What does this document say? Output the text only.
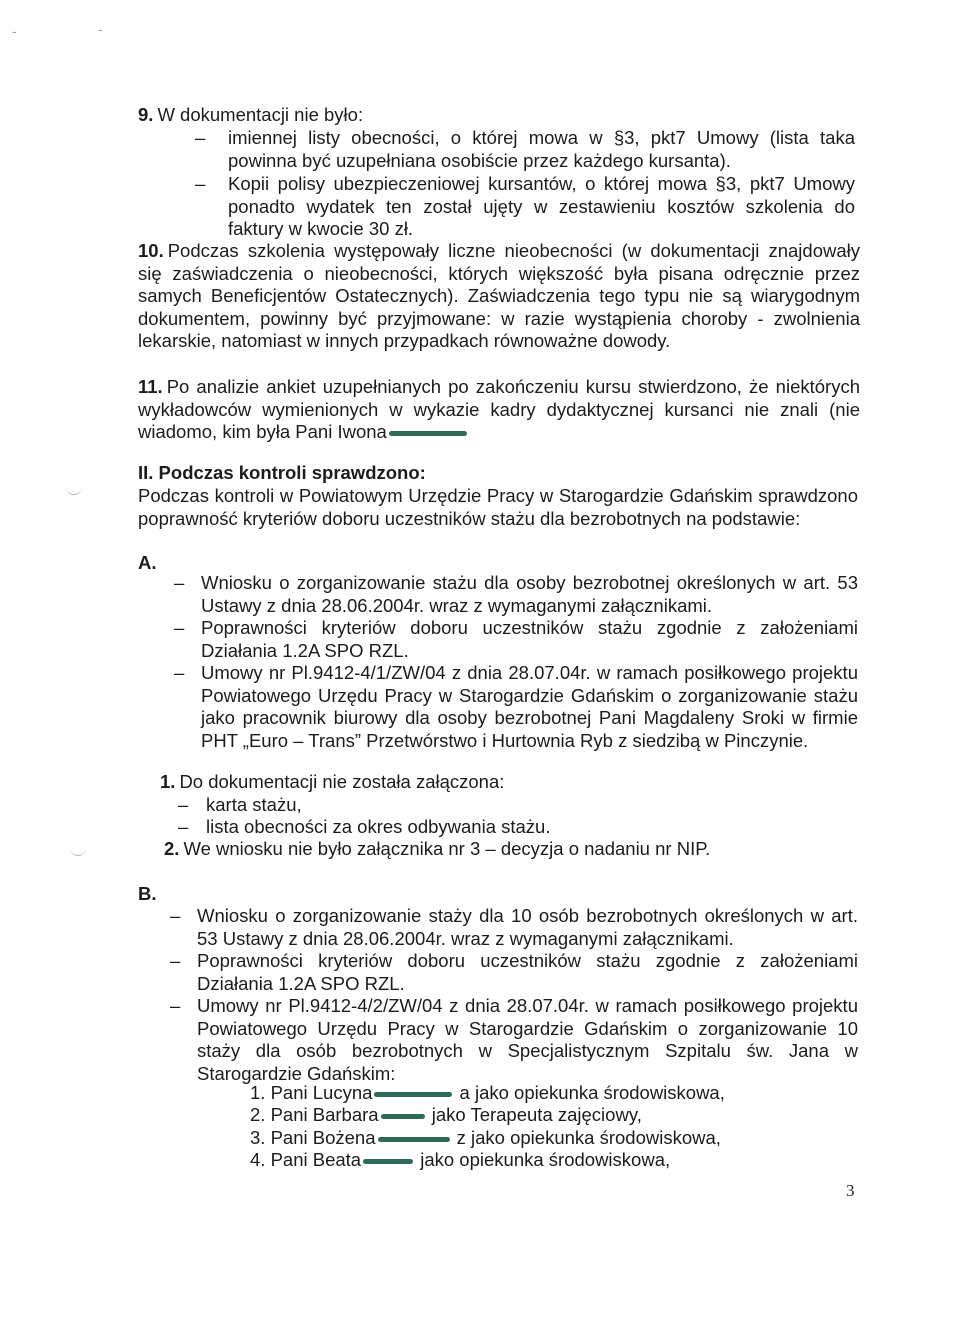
-	-
9. W dokumentacji nie było:
–	imiennej listy obecności, o której mowa w §3, pkt7 Umowy (lista taka powinna być uzupełniana osobiście przez każdego kursanta).
–	Kopii polisy ubezpieczeniowej kursantów, o której mowa §3, pkt7 Umowy ponadto wydatek ten został ujęty w zestawieniu kosztów szkolenia do faktury w kwocie 30 zł.
10. Podczas szkolenia występowały liczne nieobecności (w dokumentacji znajdowały się zaświadczenia o nieobecności, których większość była pisana odręcznie przez samych Beneficjentów Ostatecznych). Zaświadczenia tego typu nie są wiarygodnym dokumentem, powinny być przyjmowane: w razie wystąpienia choroby - zwolnienia lekarskie, natomiast w innych przypadkach równoważne dowody.
11. Po analizie ankiet uzupełnianych po zakończeniu kursu stwierdzono, że niektórych wykładowców wymienionych w wykazie kadry dydaktycznej kursanci nie znali (nie wiadomo, kim była Pani Iwona
II. Podczas kontroli sprawdzono:
Podczas kontroli w Powiatowym Urzędzie Pracy w Starogardzie Gdańskim sprawdzono poprawność kryteriów doboru uczestników stażu dla bezrobotnych na podstawie:
A.
– Wniosku o zorganizowanie stażu dla osoby bezrobotnej określonych w art. 53 Ustawy z dnia 28.06.2004r. wraz z wymaganymi załącznikami.
– Poprawności kryteriów doboru uczestników stażu zgodnie z założeniami Działania 1.2A SPO RZL.
– Umowy nr Pl.9412-4/1/ZW/04 z dnia 28.07.04r. w ramach posiłkowego projektu Powiatowego Urzędu Pracy w Starogardzie Gdańskim o zorganizowanie stażu jako pracownik biurowy dla osoby bezrobotnej Pani Magdaleny Sroki w firmie PHT „Euro – Trans” Przetwórstwo i Hurtownia Ryb z siedzibą w Pinczynie.
1. Do dokumentacji nie została załączona:
– karta stażu,
– lista obecności za okres odbywania stażu.
2. We wniosku nie było załącznika nr 3 – decyzja o nadaniu nr NIP.
B.
– Wniosku o zorganizowanie staży dla 10 osób bezrobotnych określonych w art. 53 Ustawy z dnia 28.06.2004r. wraz z wymaganymi załącznikami.
– Poprawności kryteriów doboru uczestników stażu zgodnie z założeniami Działania 1.2A SPO RZL.
– Umowy nr Pl.9412-4/2/ZW/04 z dnia 28.07.04r. w ramach posiłkowego projektu Powiatowego Urzędu Pracy w Starogardzie Gdańskim o zorganizowanie 10 staży dla osób bezrobotnych w Specjalistycznym Szpitalu św. Jana w Starogardzie Gdańskim:
1. Pani Lucyna	a jako opiekunka środowiskowa,
2. Pani Barbara	jako Terapeuta zajęciowy,
3. Pani Bożena	z jako opiekunka środowiskowa,
4. Pani Beata	jako opiekunka środowiskowa,
3
